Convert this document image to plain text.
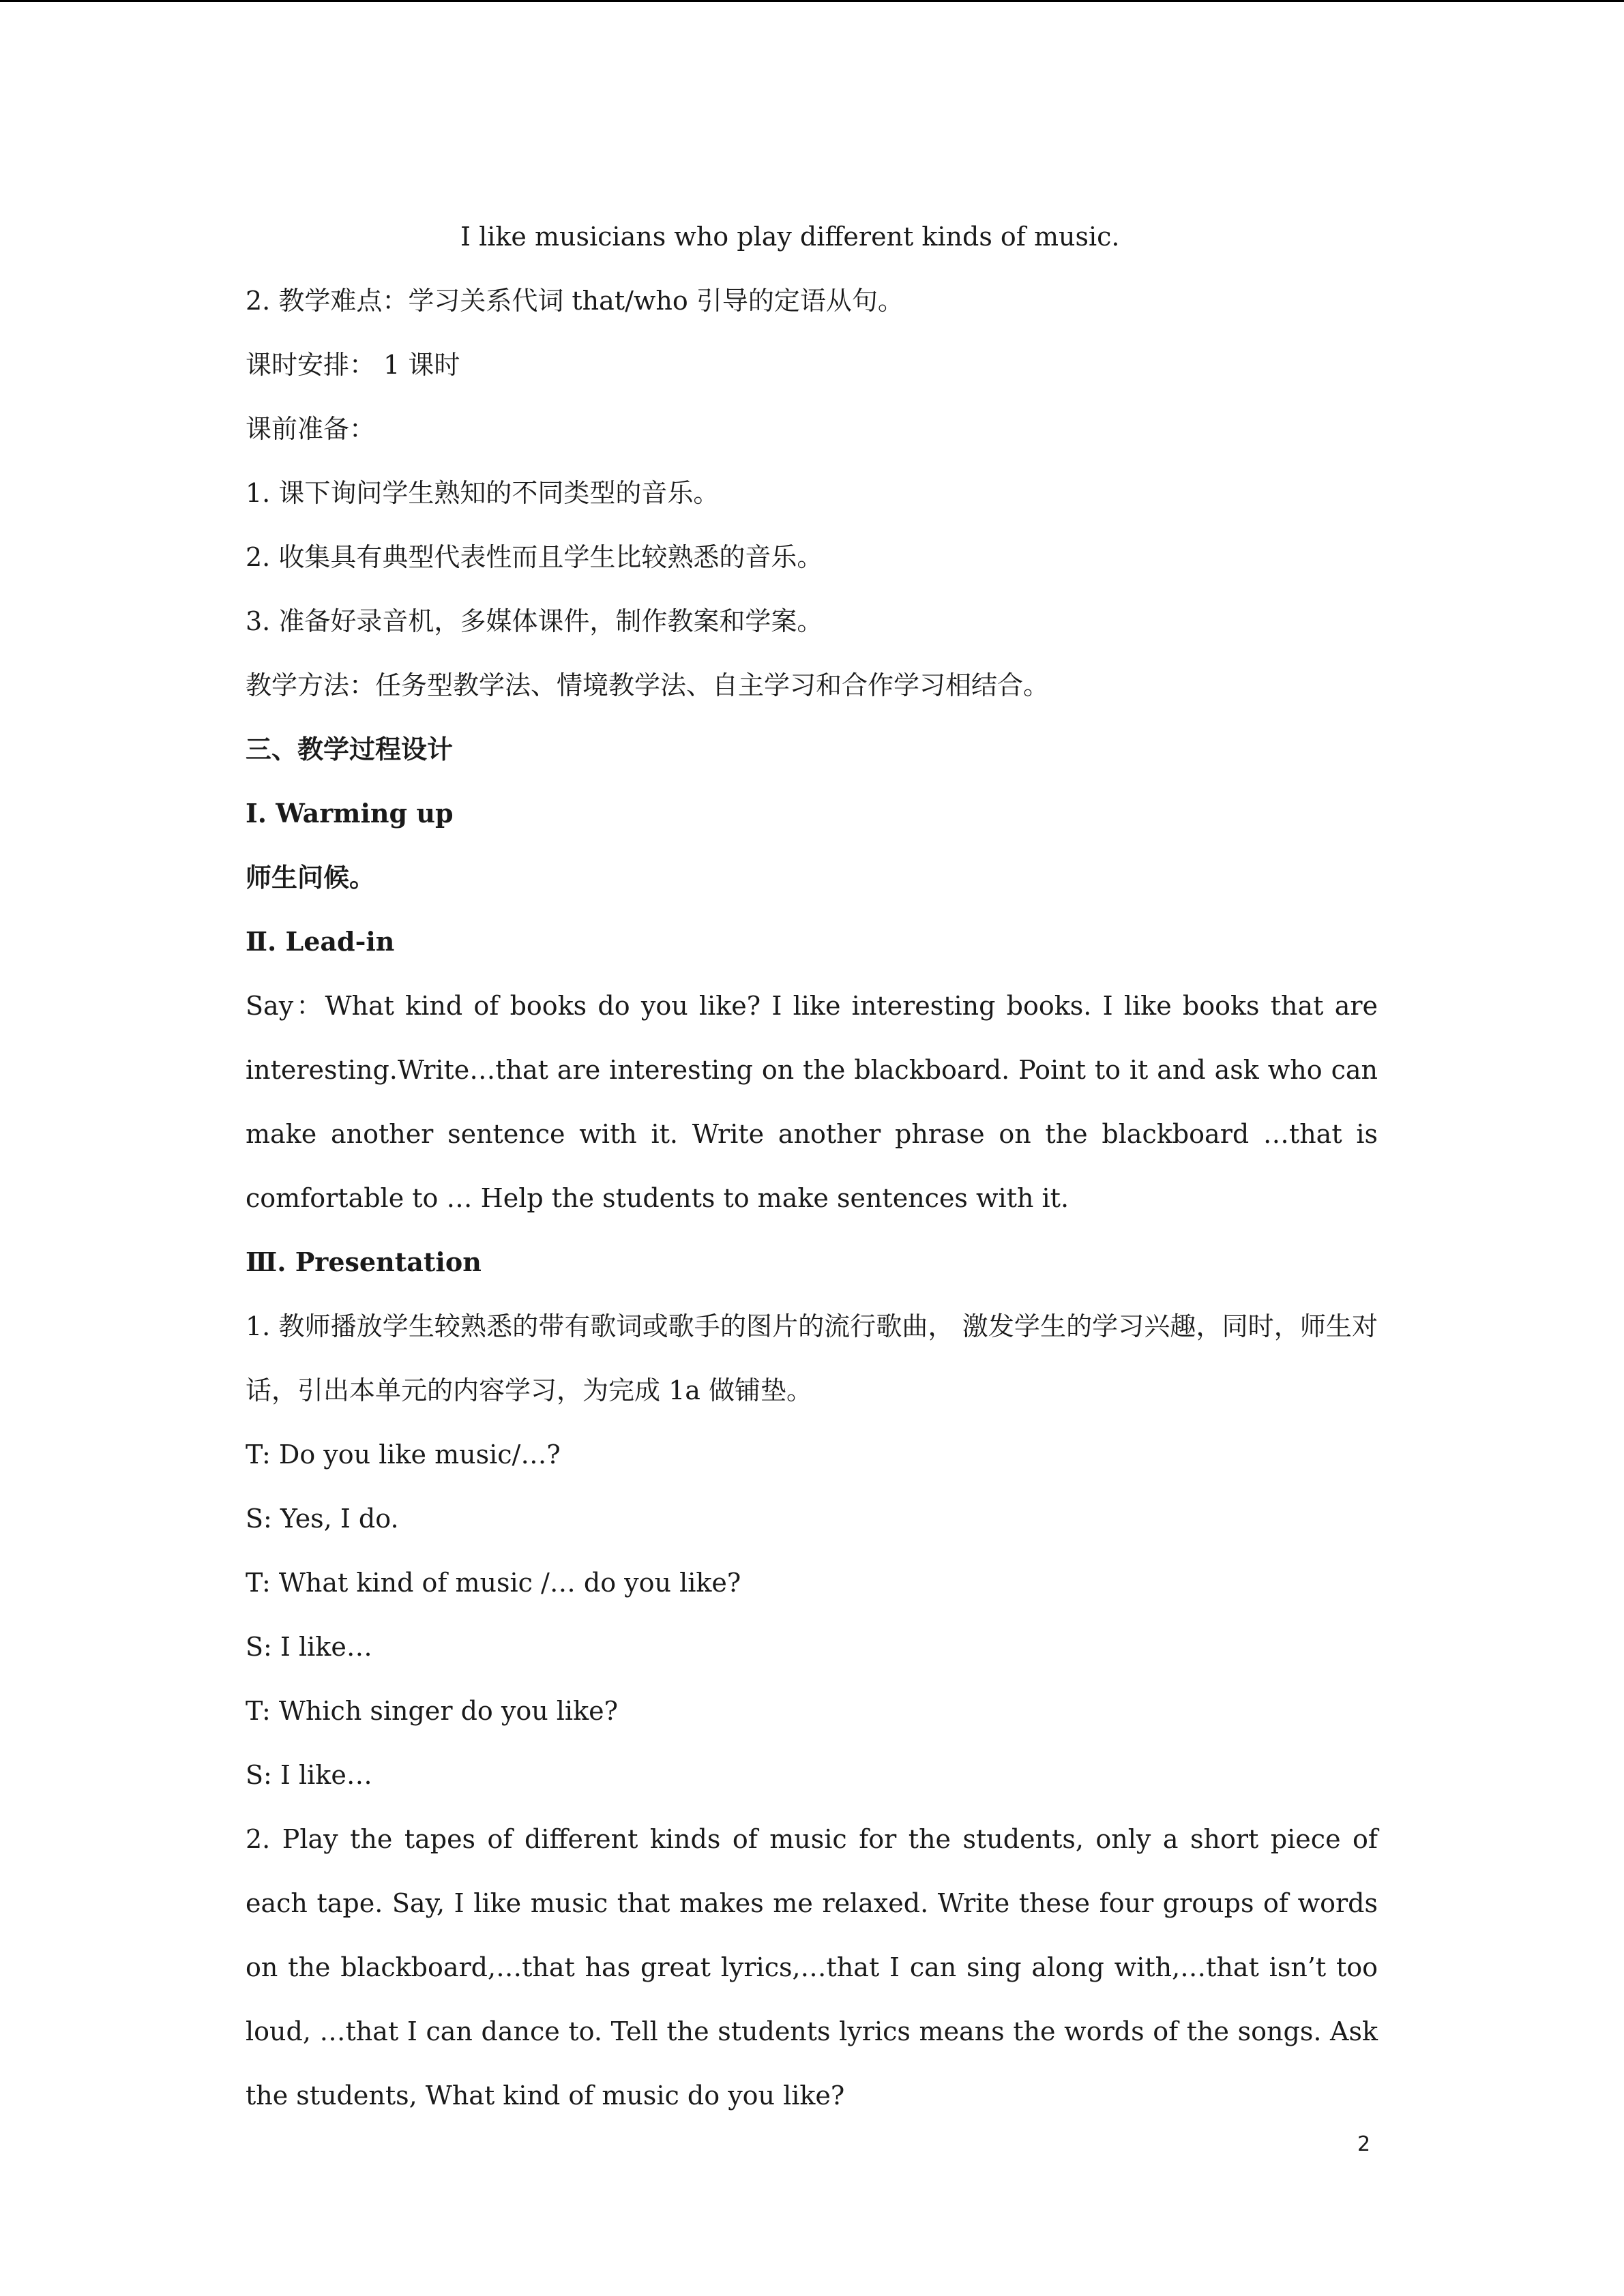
I like musicians who play different kinds of music.
2. 教学难点：学习关系代词 that/who 引导的定语从句。
课时安排： 1 课时
课前准备：
1. 课下询问学生熟知的不同类型的音乐。
2. 收集具有典型代表性而且学生比较熟悉的音乐。
3. 准备好录音机，多媒体课件，制作教案和学案。
教学方法：任务型教学法、情境教学法、自主学习和合作学习相结合。
三、教学过程设计
Ⅰ. Warming up
师生问候。
Ⅱ. Lead-in
Say：What kind of books do you like? I like interesting books. I like books that are interesting.Write…that are interesting on the blackboard. Point to it and ask who can make another sentence with it. Write another phrase on the blackboard …that is comfortable to … Help the students to make sentences with it.
Ⅲ. Presentation
1. 教师播放学生较熟悉的带有歌词或歌手的图片的流行歌曲， 激发学生的学习兴趣，同时，师生对话，引出本单元的内容学习，为完成 1a 做铺垫。
T: Do you like music/…?
S: Yes, I do.
T: What kind of music /… do you like?
S: I like…
T: Which singer do you like?
S: I like…
2. Play the tapes of different kinds of music for the students, only a short piece of each tape. Say, I like music that makes me relaxed. Write these four groups of words on the blackboard,…that has great lyrics,…that I can sing along with,…that isn’t too loud, …that I can dance to. Tell the students lyrics means the words of the songs. Ask the students, What kind of music do you like?
2
